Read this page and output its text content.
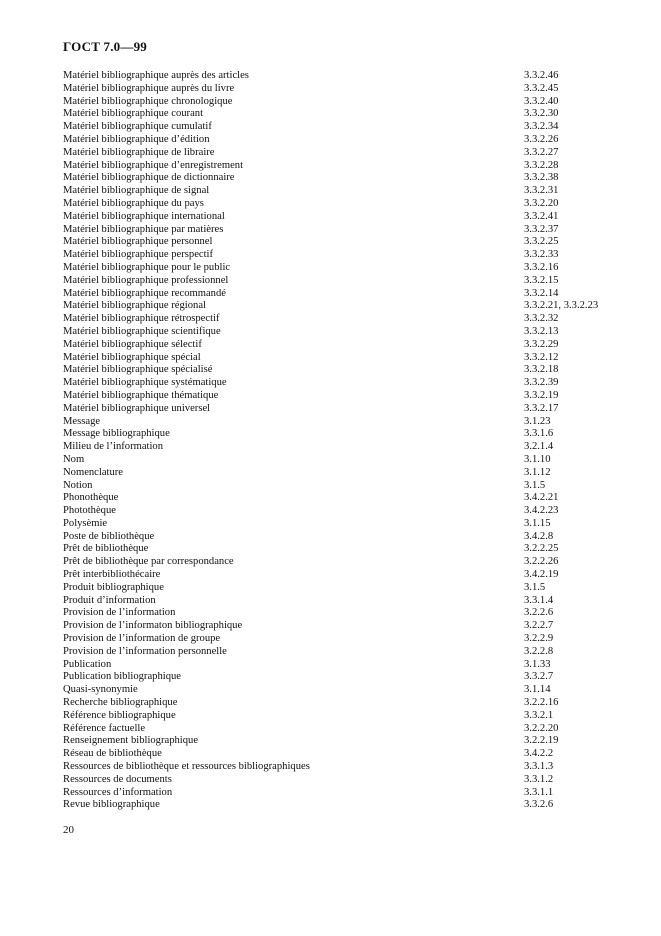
ГОСТ 7.0—99
Matériel bibliographique auprès des articles	3.3.2.46
Matériel bibliographique auprès du livre	3.3.2.45
Matériel bibliographique chronologique	3.3.2.40
Matériel bibliographique courant	3.3.2.30
Matériel bibliographique cumulatif	3.3.2.34
Matériel bibliographique d’édition	3.3.2.26
Matériel bibliographique de libraire	3.3.2.27
Matériel bibliographique d’enregistrement	3.3.2.28
Matériel bibliographique de dictionnaire	3.3.2.38
Matériel bibliographique de signal	3.3.2.31
Matériel bibliographique du pays	3.3.2.20
Matériel bibliographique international	3.3.2.41
Matériel bibliographique par matières	3.3.2.37
Matériel bibliographique personnel	3.3.2.25
Matériel bibliographique perspectif	3.3.2.33
Matériel bibliographique pour le public	3.3.2.16
Matériel bibliographique professionnel	3.3.2.15
Matériel bibliographique recommandé	3.3.2.14
Matériel bibliographique régional	3.3.2.21, 3.3.2.23
Matériel bibliographique rétrospectif	3.3.2.32
Matériel bibliographique scientifique	3.3.2.13
Matériel bibliographique sélectif	3.3.2.29
Matériel bibliographique spécial	3.3.2.12
Matériel bibliographique spécialisé	3.3.2.18
Matériel bibliographique systématique	3.3.2.39
Matériel bibliographique thématique	3.3.2.19
Matériel bibliographique universel	3.3.2.17
Message	3.1.23
Message bibliographique	3.3.1.6
Milieu de l’information	3.2.1.4
Nom	3.1.10
Nomenclature	3.1.12
Notion	3.1.5
Phonothèque	3.4.2.21
Photothèque	3.4.2.23
Polysèmie	3.1.15
Poste de bibliothèque	3.4.2.8
Prêt de bibliothèque	3.2.2.25
Prêt de bibliothèque par correspondance	3.2.2.26
Prêt interbibliothécaire	3.4.2.19
Produit bibliographique	3.1.5
Produit d’information	3.3.1.4
Provision de l’information	3.2.2.6
Provision de l’informaton bibliographique	3.2.2.7
Provision de l’information de groupe	3.2.2.9
Provision de l’information personnelle	3.2.2.8
Publication	3.1.33
Publication bibliographique	3.3.2.7
Quasi-synonymie	3.1.14
Recherche bibliographique	3.2.2.16
Référence bibliographique	3.3.2.1
Référence factuelle	3.2.2.20
Renseignement bibliographique	3.2.2.19
Réseau de bibliothèque	3.4.2.2
Ressources de bibliothèque et ressources bibliographiques	3.3.1.3
Ressources de documents	3.3.1.2
Ressources d’information	3.3.1.1
Revue bibliographique	3.3.2.6
20
